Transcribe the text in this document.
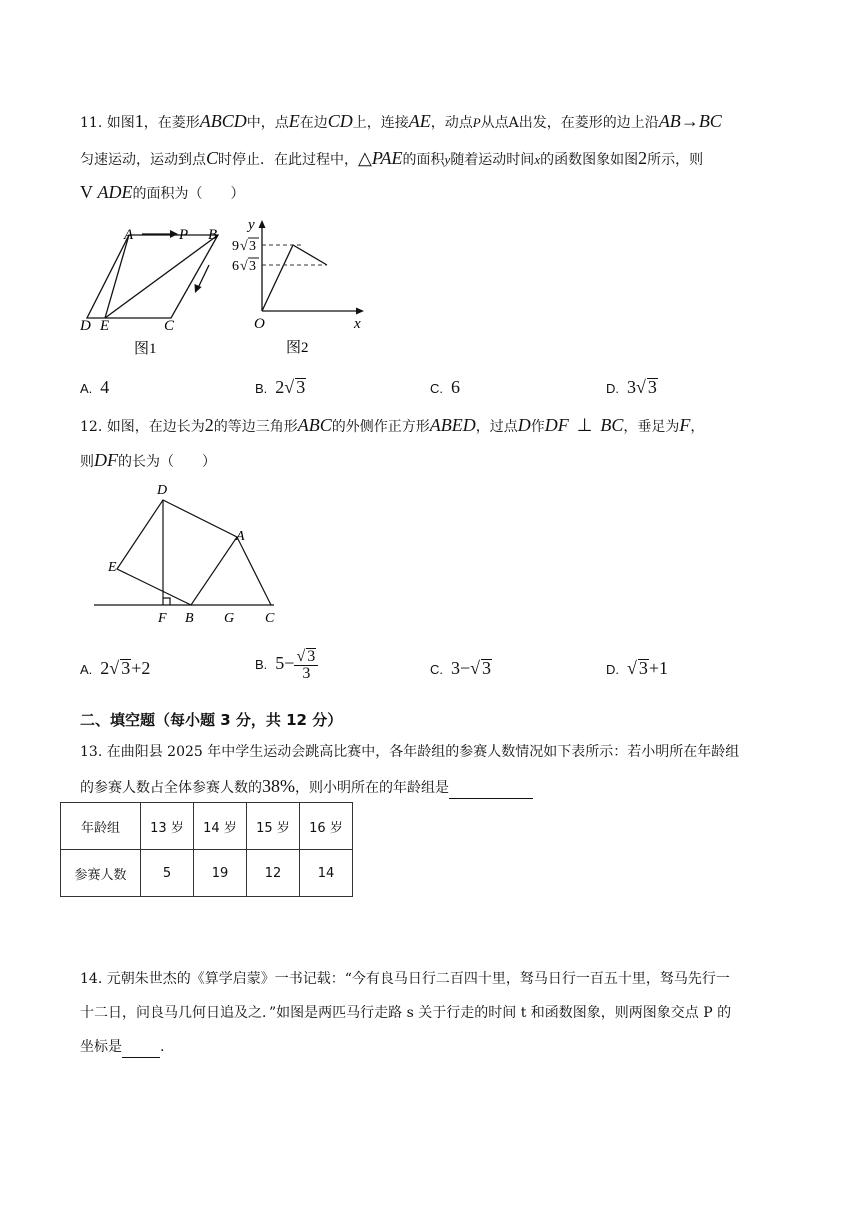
11. 如图1，在菱形ABCD中，点E在边CD上，连接AE，动点P从点A出发，在菱形的边上沿AB→BC
匀速运动，运动到点C时停止．在此过程中，△PAE的面积y随着运动时间x的函数图象如图2所示，则
V ADE的面积为（　　）
A	P B
D E	C
图1
y
9 √ 3
6 √ 3
O	x
图2
A. 4	B. 2√ 3	C. 6	D. 3√ 3
12. 如图，在边长为2的等边三角形ABC的外侧作正方形ABED，过点D作DF ⊥ BC，垂足为F，
则DF的长为（　　）
D
A
E
F B G C
A. 2√ 3+2	B. $5- \frac{√ 3}{3}$	C. 3−√ 3	D. √ 3+1
二、填空题（每小题 3 分，共 12 分）
13. 在曲阳县 2025 年中学生运动会跳高比赛中，各年龄组的参赛人数情况如下表所示：若小明所在年龄组
的参赛人数占全体参赛人数的38%，则小明所在的年龄组是
年龄组	13 岁	14 岁	15 岁	16 岁
参赛人数	5	19	12	14
14. 元朝朱世杰的《算学启蒙》一书记载：“今有良马日行二百四十里，驽马日行一百五十里，驽马先行一
十二日，问良马几何日追及之．”如图是两匹马行走路 s 关于行走的时间 t 和函数图象，则两图象交点 P 的
坐标是	.
